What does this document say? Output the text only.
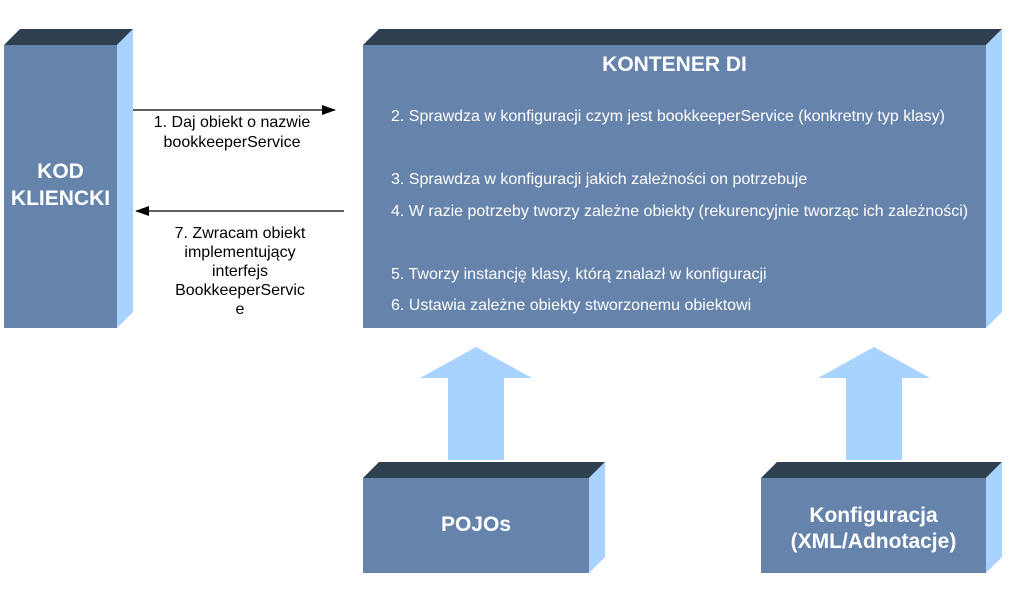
KOD
KLIENCKI
KONTENER DI
2. Sprawdza w konfiguracji czym jest bookkeeperService (konkretny typ klasy)
3. Sprawdza w konfiguracji jakich zależności on potrzebuje
4. W razie potrzeby tworzy zależne obiekty (rekurencyjnie tworząc ich zależności)
5. Tworzy instancję klasy, którą znalazł w konfiguracji
6. Ustawia zależne obiekty stworzonemu obiektowi
1. Daj obiekt o nazwie
bookkeeperService
7. Zwracam obiekt
implementujący
interfejs
BookkeeperServic
e
POJOs	Konfiguracja
(XML/Adnotacje)
